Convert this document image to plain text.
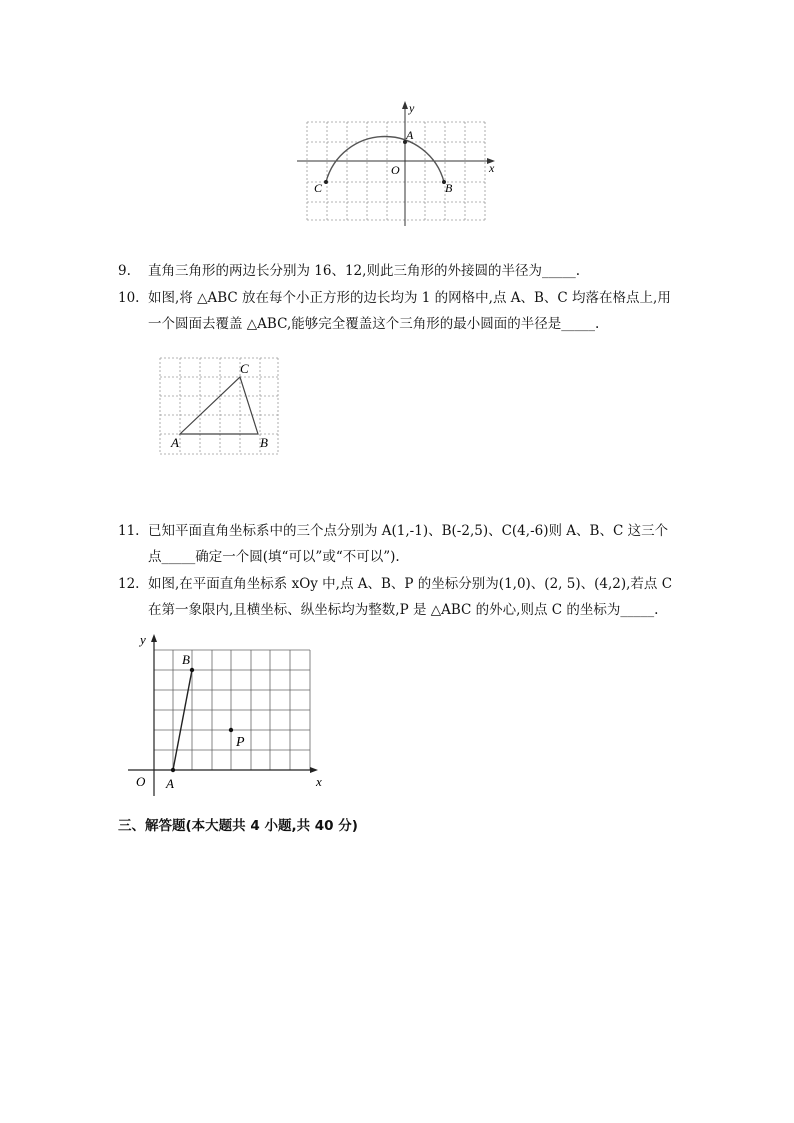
y
x
A
O
C	B
9.	直角三角形的两边长分别为 16、12,则此三角形的外接圆的半径为_____.
10. 如图,将 △ABC 放在每个小正方形的边长均为 1 的网格中,点 A、B、C 均落在格点上,用一个圆面去覆盖 △ABC,能够完全覆盖这个三角形的最小圆面的半径是_____.
A	B
C
11. 已知平面直角坐标系中的三个点分别为 A(1,-1)、B(-2,5)、C(4,-6)则 A、B、C 这三个点_____确定一个圆(填“可以”或“不可以”).
12. 如图,在平面直角坐标系 xOy 中,点 A、B、P 的坐标分别为(1,0)、(2, 5)、(4,2),若点 C 在第一象限内,且横坐标、纵坐标均为整数,P 是 △ABC 的外心,则点 C 的坐标为_____.
y
x
O A
B
P
三、解答题(本大题共 4 小题,共 40 分)
